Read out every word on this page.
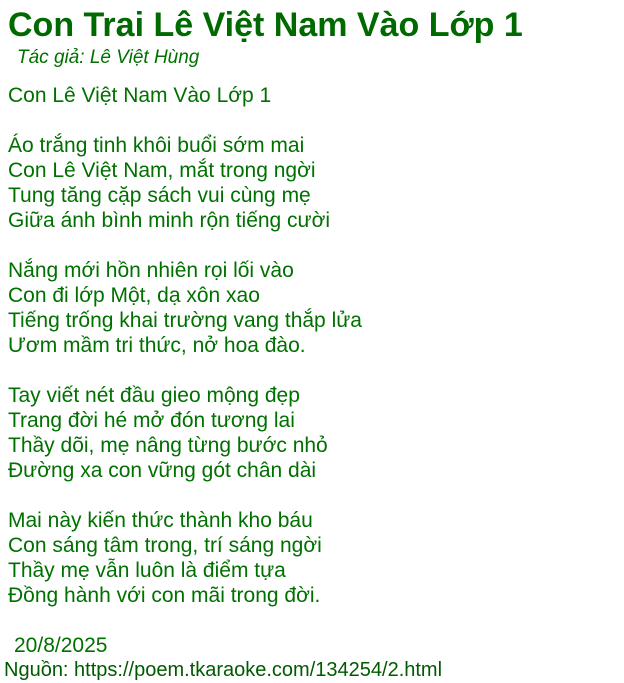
Con Trai Lê Việt Nam Vào Lớp 1
Tác giả: Lê Việt Hùng
Con Lê Việt Nam Vào Lớp 1
Áo trắng tinh khôi buổi sớm mai
Con Lê Việt Nam, mắt trong ngời
Tung tăng cặp sách vui cùng mẹ
Giữa ánh bình minh rộn tiếng cười
Nắng mới hồn nhiên rọi lối vào
Con đi lớp Một, dạ xôn xao
Tiếng trống khai trường vang thắp lửa
Ươm mầm tri thức, nở hoa đào.
Tay viết nét đầu gieo mộng đẹp
Trang đời hé mở đón tương lai
Thầy dõi, mẹ nâng từng bước nhỏ
Đường xa con vững gót chân dài
Mai này kiến thức thành kho báu
Con sáng tâm trong, trí sáng ngời
Thầy mẹ vẫn luôn là điểm tựa
Đồng hành với con mãi trong đời.
20/8/2025
Nguồn: https://poem.tkaraoke.com/134254/2.html
